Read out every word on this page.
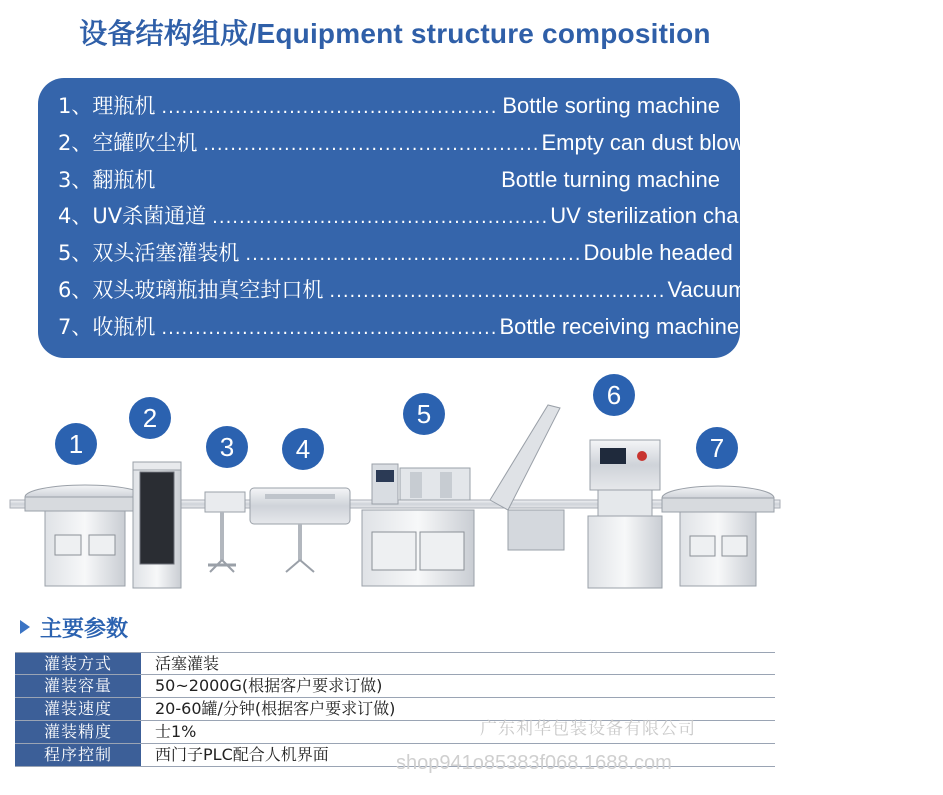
设备结构组成/Equipment structure composition
1、 理瓶机 .................................................. Bottle sorting machine
2、 空罐吹尘机 .................................................. Empty can dust blower
3、 翻瓶机	Bottle turning machine
4、 UV杀菌通道 .................................................. UV sterilization channel
5、 双头活塞灌装机 .................................................. Double headed piston filling machine
6、 双头玻璃瓶抽真空封口机 .................................................. Vacuum sealing machine
7、 收瓶机 .................................................. Bottle receiving machine
1
2
3	4
5
6
7
主要参数
灌装方式	活塞灌装
灌装容量	50~2000G(根据客户要求订做)
灌装速度	20-60罐/分钟(根据客户要求订做)
灌装精度	士1%
程序控制	西门子PLC配合人机界面
广东利华包装设备有限公司
shop941o85383f068.1688.com
